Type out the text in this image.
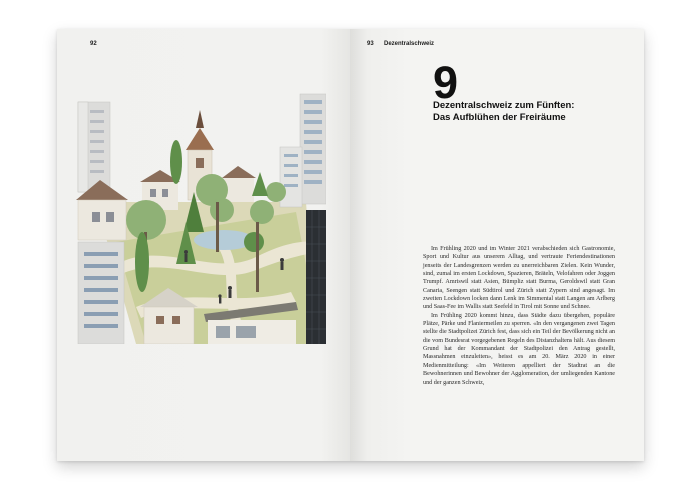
92	93 Dezentralschweiz
9
Dezentralschweiz zum Fünften:
Das Aufblühen der Freiräume

Im Frühling 2020 und im Winter 2021 verabschieden sich Gastronomie, Sport und Kultur aus unserem Alltag, und vertraute Feriendestinationen jenseits der Landesgrenzen werden zu unerreichbaren Zielen. Kein Wunder, sind, zumal im ersten Lockdown, Spazieren, Bräteln, Velofahren oder Joggen Trumpf. Amriswil statt Asien, Bümpliz statt Burma, Geroldswil statt Gran Canaria, Seengen statt Südtirol und Zürich statt Zypern sind angesagt. Im zweiten Lockdown locken dann Lenk im Simmental statt Langen am Arlberg und Saas-Fee im Wallis statt Seefeld in Tirol mit Sonne und Schnee.

Im Frühling 2020 kommt hinzu, dass Städte dazu übergehen, populäre Plätze, Pärke und Flaniermeilen zu sperren. «In den vergangenen zwei Tagen stellte die Stadtpolizei Zürich fest, dass sich ein Teil der Bevölkerung nicht an die vom Bundesrat vorgegebenen Regeln des Distanzhaltens hält. Aus diesem Grund hat der Kommandant der Stadtpolizei den Antrag gestellt, Massnahmen einzuleiten», heisst es am 20. März 2020 in einer Medienmitteilung: «Im Weiteren appelliert der Stadtrat an die Bewohnerinnen und Bewohner der Agglomeration, der umliegenden Kantone und der ganzen Schweiz,
